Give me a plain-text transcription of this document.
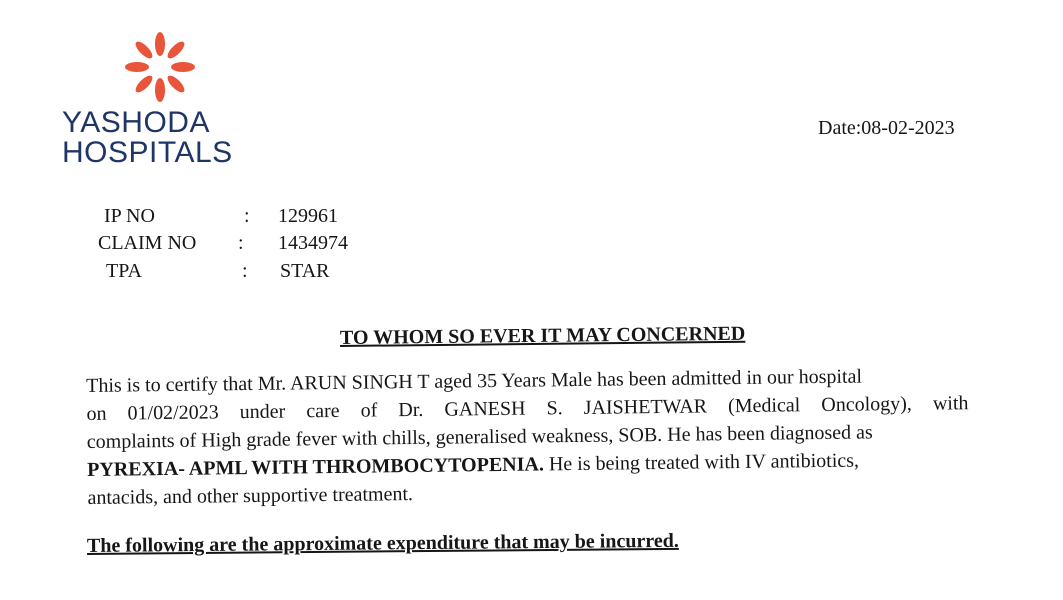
YASHODA
HOSPITALS
Date:08-02-2023
IP NO	: 129961
CLAIM NO : 1434974
TPA	: STAR
TO WHOM SO EVER IT MAY CONCERNED
This is to certify that Mr. ARUN SINGH T aged 35 Years Male has been admitted in our hospital
on 01/02/2023 under care of Dr. GANESH S. JAISHETWAR (Medical Oncology), with
complaints of High grade fever with chills, generalised weakness, SOB. He has been diagnosed as
PYREXIA- APML WITH THROMBOCYTOPENIA. He is being treated with IV antibiotics,
antacids, and other supportive treatment.
The following are the approximate expenditure that may be incurred.
